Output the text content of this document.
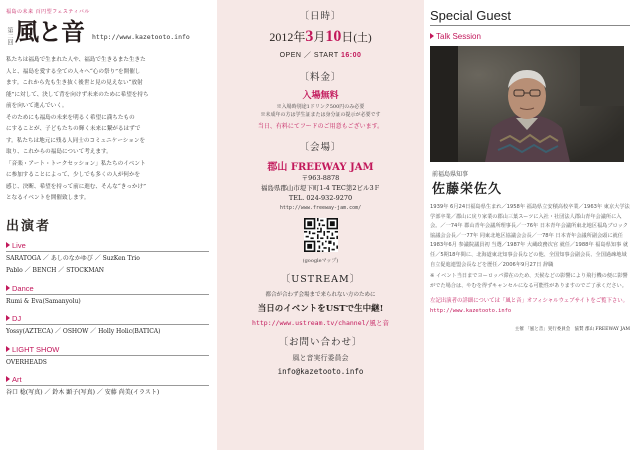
福島の未来 百円型フェスティバル
第二回 風と音 http://www.kazetooto.info

私たちは福島で生まれた人や、福島で生きるまた生きた

人と、福島を愛する全ての人々へ“心の祭り”を開催し

ます。これから先も生き抜く後世と見の見えない“放射

能”に対して、決して背を向けず未来のために希望を持ち

前を向いて進んでいく。

そのためにも福島の未来を明るく希望に満ちたもの

にすることが、子どもたちの輝く未来に繋がるはずで

す。私たちは地元に残る人同士のコミュニケーションを

取り、これからの福島について考えます。

「音楽・アート・トークセッション」私たちのイベント

に参加することによって、少しでも多くの人が何かを

感じ、決断、希望を持って前に進む、そんな“きっかけ”

となるイベントを開催致します。

出演者
Live
SARATOGA ／ あしのなかゆび ／ SuzKen Trio
Pablo ／ BENCH ／ STOCKMAN
Dance
Rumi & Eva(Samanyolu)
DJ
Yossy(AZTECA) ／ OSHOW ／ Holly Holic(BATICA)
LIGHT SHOW
OVERHEADS
Art
谷口 稔(写真) ／ 鈴木 顕子(写真) ／ 安藤 尚美(イラスト)
〔日時〕
2012年3月10日(土)
OPEN ／ START 16:00
〔料金〕
入場無料
※入場時別途1ドリンク500円のみ必要
※未成年の方は学生証または身分証の提示が必要です
当日、有料にてフードのご用意もございます。
〔会場〕
郡山 FREEWAY JAM
〒963-8878
福島県郡山市堤下町1-4 TEC第2ビル3Ｆ
TEL. 024-932-9270
http://www.freeway-jam.com/
(googleマップ)
〔USTREAM〕
都合が合わず会場まで来られない方のために
当日のイベントをUSTで生中継!
http://www.ustream.tv/channel/風と音
〔お問い合わせ〕
風と音実行委員会
info@kazetooto.info
Special Guest
Talk Session
前福島県知事
佐藤栄佐久
1939年 6月24日福島県生まれ／1958年 福島県立安積高校卒業／1963年 東京大学法学部卒業／郡山に戻り家業の郡山三葉スーツに入社・社団法人郡山青年会議所に入会。／一74年 郡山青年会議所理事長／一76年 日本青年会議所東北地区福島ブロック協議会会長／一77年 同東北地区協議会会長／一78年 日本青年会議所副会頭に就任1983年6月 参議院議員初 当選／1987年 大蔵政務次官 就任／1988年 福島県知事 就任／5期18年間に、北海道東北知事会長などの他、全国知事会副会長、全国過疎地域自立促進連盟会長などを歴任／2006年9月27日 辞職
※ イベント当日までヨーロッパ滞在のため、天候などの影響により飛行機の便に影響がでた場合は、やむを得ずキャンセルになる可能性がありますのでご了承ください。
左記出演者の詳細については「風と音」オフィシャルウェブサイトをご覧下さい。
http://www.kazetooto.info
主催 「風と音」実行委員会 協賛 郡山 FREEWAY JAM
